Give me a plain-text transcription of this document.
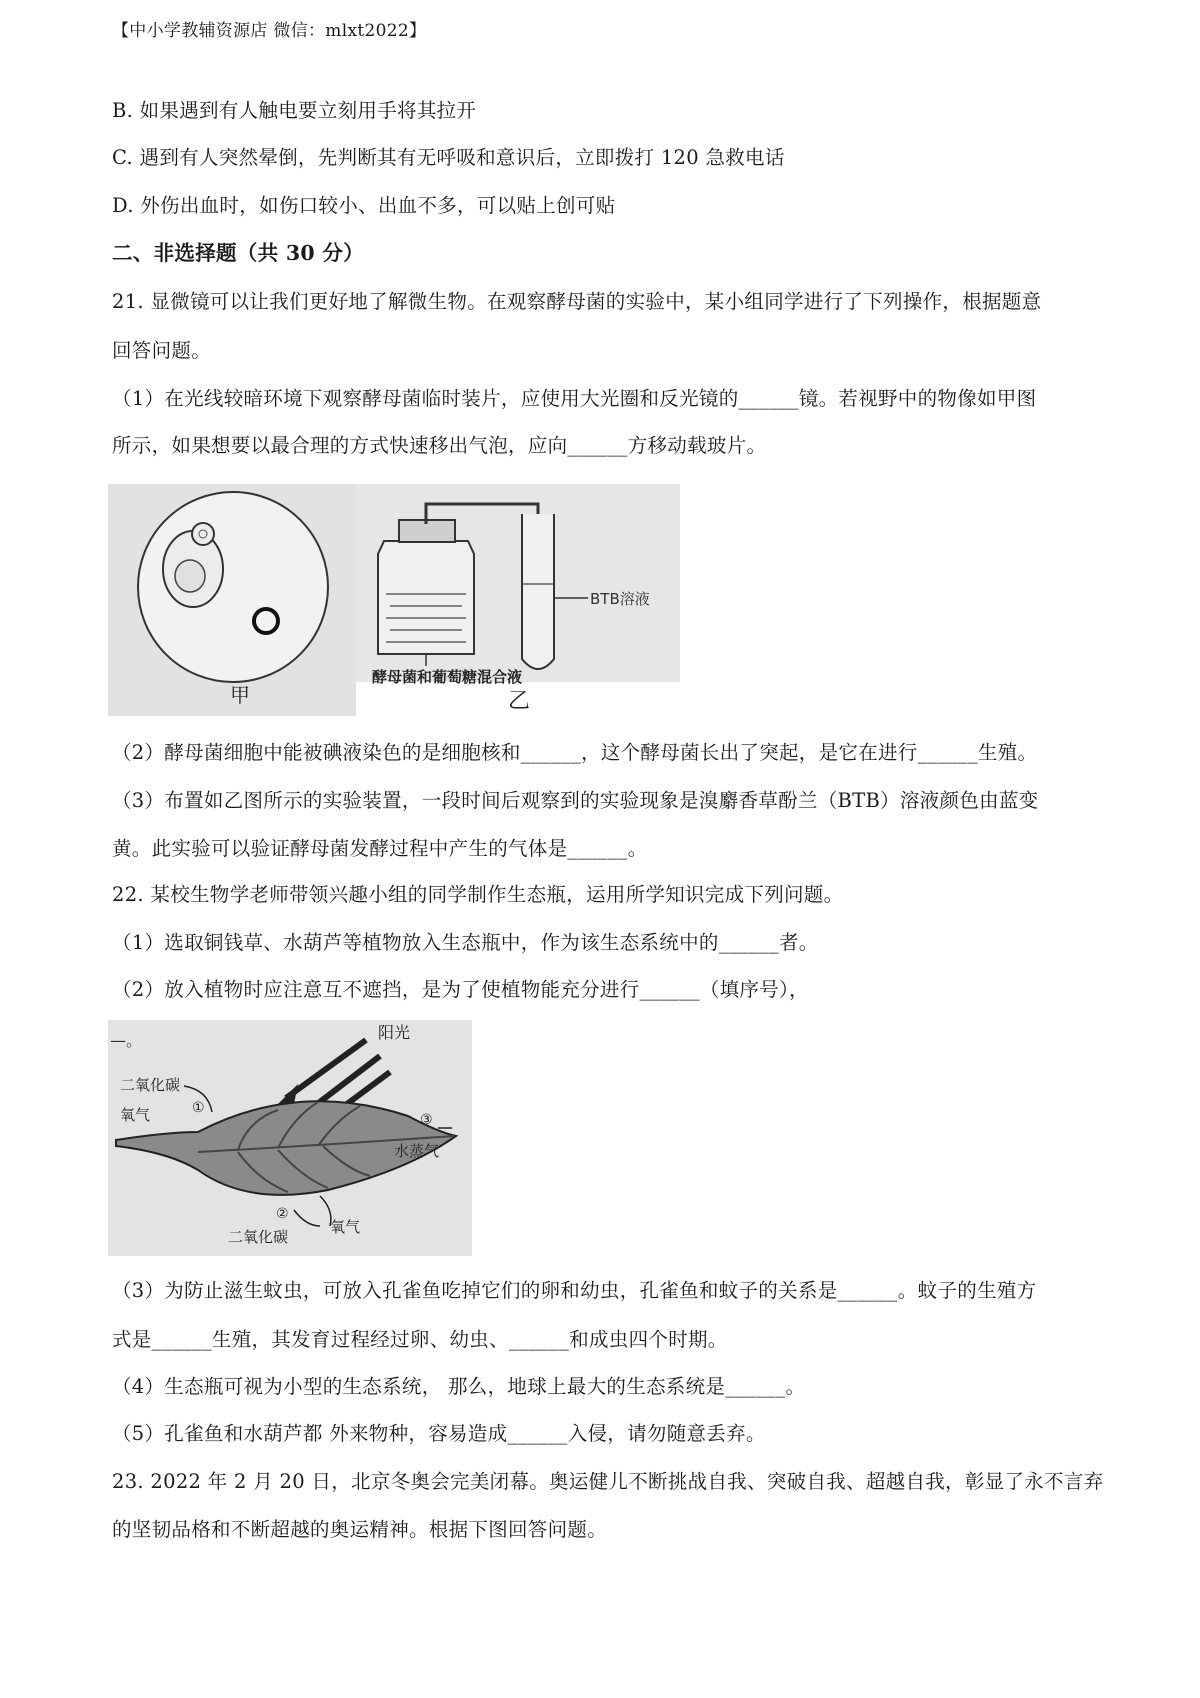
【中小学教辅资源店 微信：mlxt2022】
B. 如果遇到有人触电要立刻用手将其拉开
C. 遇到有人突然晕倒，先判断其有无呼吸和意识后，立即拨打 120 急救电话
D. 外伤出血时，如伤口较小、出血不多，可以贴上创可贴
二、非选择题（共 30 分）
21. 显微镜可以让我们更好地了解微生物。在观察酵母菌的实验中，某小组同学进行了下列操作，根据题意
回答问题。
（1）在光线较暗环境下观察酵母菌临时装片，应使用大光圈和反光镜的______镜。若视野中的物像如甲图
所示，如果想要以最合理的方式快速移出气泡，应向______方移动载玻片。
甲
BTB溶液
酵母菌和葡萄糖混合液
乙
（2）酵母菌细胞中能被碘液染色的是细胞核和______，这个酵母菌长出了突起，是它在进行______生殖。
（3）布置如乙图所示的实验装置，一段时间后观察到的实验现象是溴麝香草酚兰（BTB）溶液颜色由蓝变
黄。此实验可以验证酵母菌发酵过程中产生的气体是______。
22. 某校生物学老师带领兴趣小组的同学制作生态瓶，运用所学知识完成下列问题。
（1）选取铜钱草、水葫芦等植物放入生态瓶中，作为该生态系统中的______者。
（2）放入植物时应注意互不遮挡，是为了使植物能充分进行______（填序号），
—。	阳光
二氧化碳
①
氧气	③
水蒸气
②
二氧化碳
氧气
（3）为防止滋生蚊虫，可放入孔雀鱼吃掉它们的卵和幼虫，孔雀鱼和蚊子的关系是______。蚊子的生殖方
式是______生殖，其发育过程经过卵、幼虫、______和成虫四个时期。
（4）生态瓶可视为小型的生态系统， 那么，地球上最大的生态系统是______。
（5）孔雀鱼和水葫芦都 外来物种，容易造成______入侵，请勿随意丢弃。
23. 2022 年 2 月 20 日，北京冬奥会完美闭幕。奥运健儿不断挑战自我、突破自我、超越自我，彰显了永不言弃
的坚韧品格和不断超越的奥运精神。根据下图回答问题。
